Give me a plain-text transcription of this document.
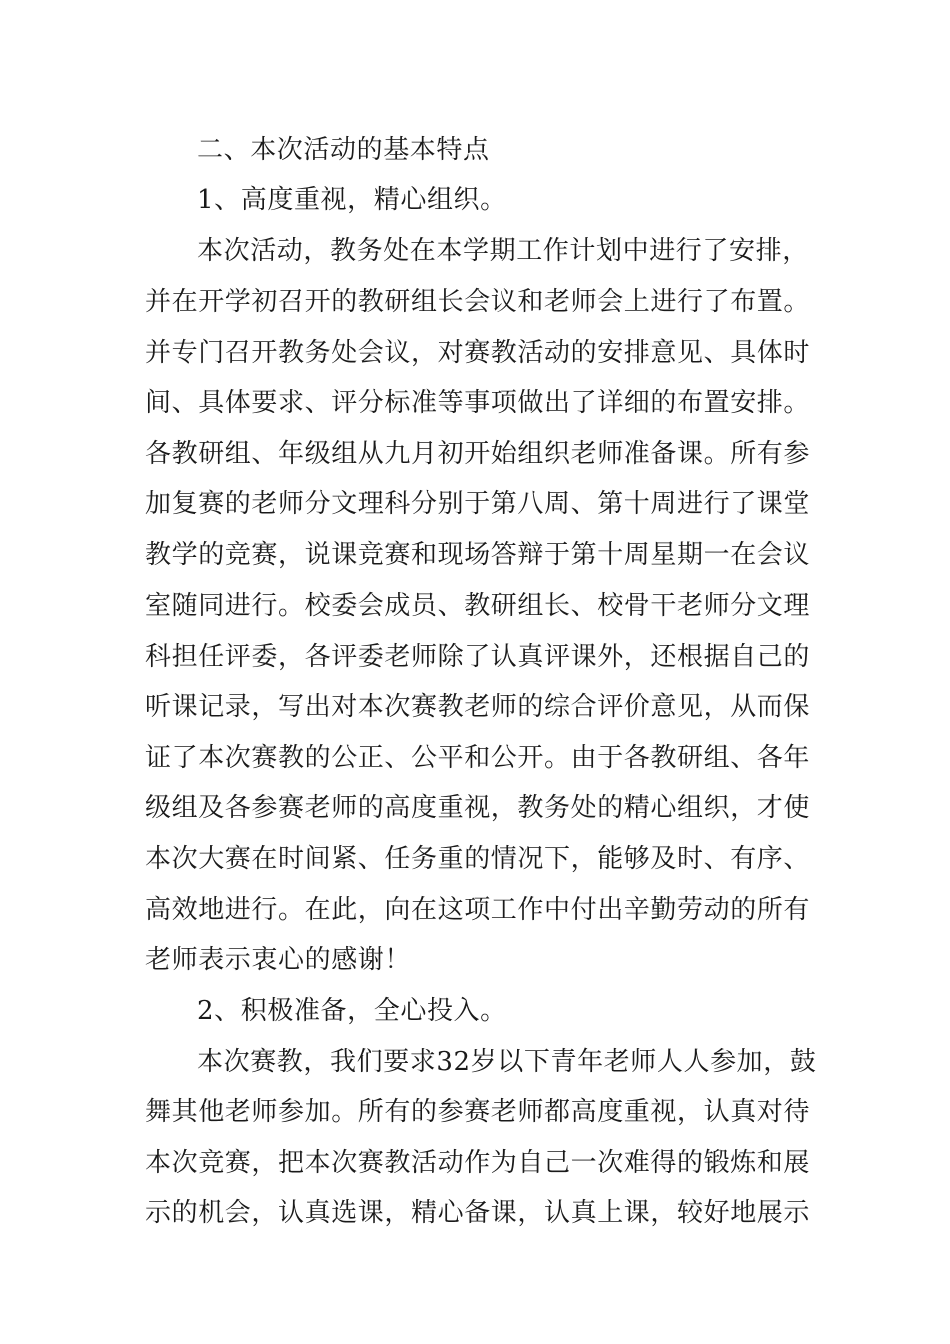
二、本次活动的基本特点
1、高度重视，精心组织。
本次活动，教务处在本学期工作计划中进行了安排，
并在开学初召开的教研组长会议和老师会上进行了布置。
并专门召开教务处会议，对赛教活动的安排意见、具体时
间、具体要求、评分标准等事项做出了详细的布置安排。
各教研组、年级组从九月初开始组织老师准备课。所有参
加复赛的老师分文理科分别于第八周、第十周进行了课堂
教学的竞赛，说课竞赛和现场答辩于第十周星期一在会议
室随同进行。校委会成员、教研组长、校骨干老师分文理
科担任评委，各评委老师除了认真评课外，还根据自己的
听课记录，写出对本次赛教老师的综合评价意见，从而保
证了本次赛教的公正、公平和公开。由于各教研组、各年
级组及各参赛老师的高度重视，教务处的精心组织，才使
本次大赛在时间紧、任务重的情况下，能够及时、有序、
高效地进行。在此，向在这项工作中付出辛勤劳动的所有
老师表示衷心的感谢！
2、积极准备，全心投入。
本次赛教，我们要求32岁以下青年老师人人参加，鼓
舞其他老师参加。所有的参赛老师都高度重视，认真对待
本次竞赛，把本次赛教活动作为自己一次难得的锻炼和展
示的机会，认真选课，精心备课，认真上课，较好地展示
